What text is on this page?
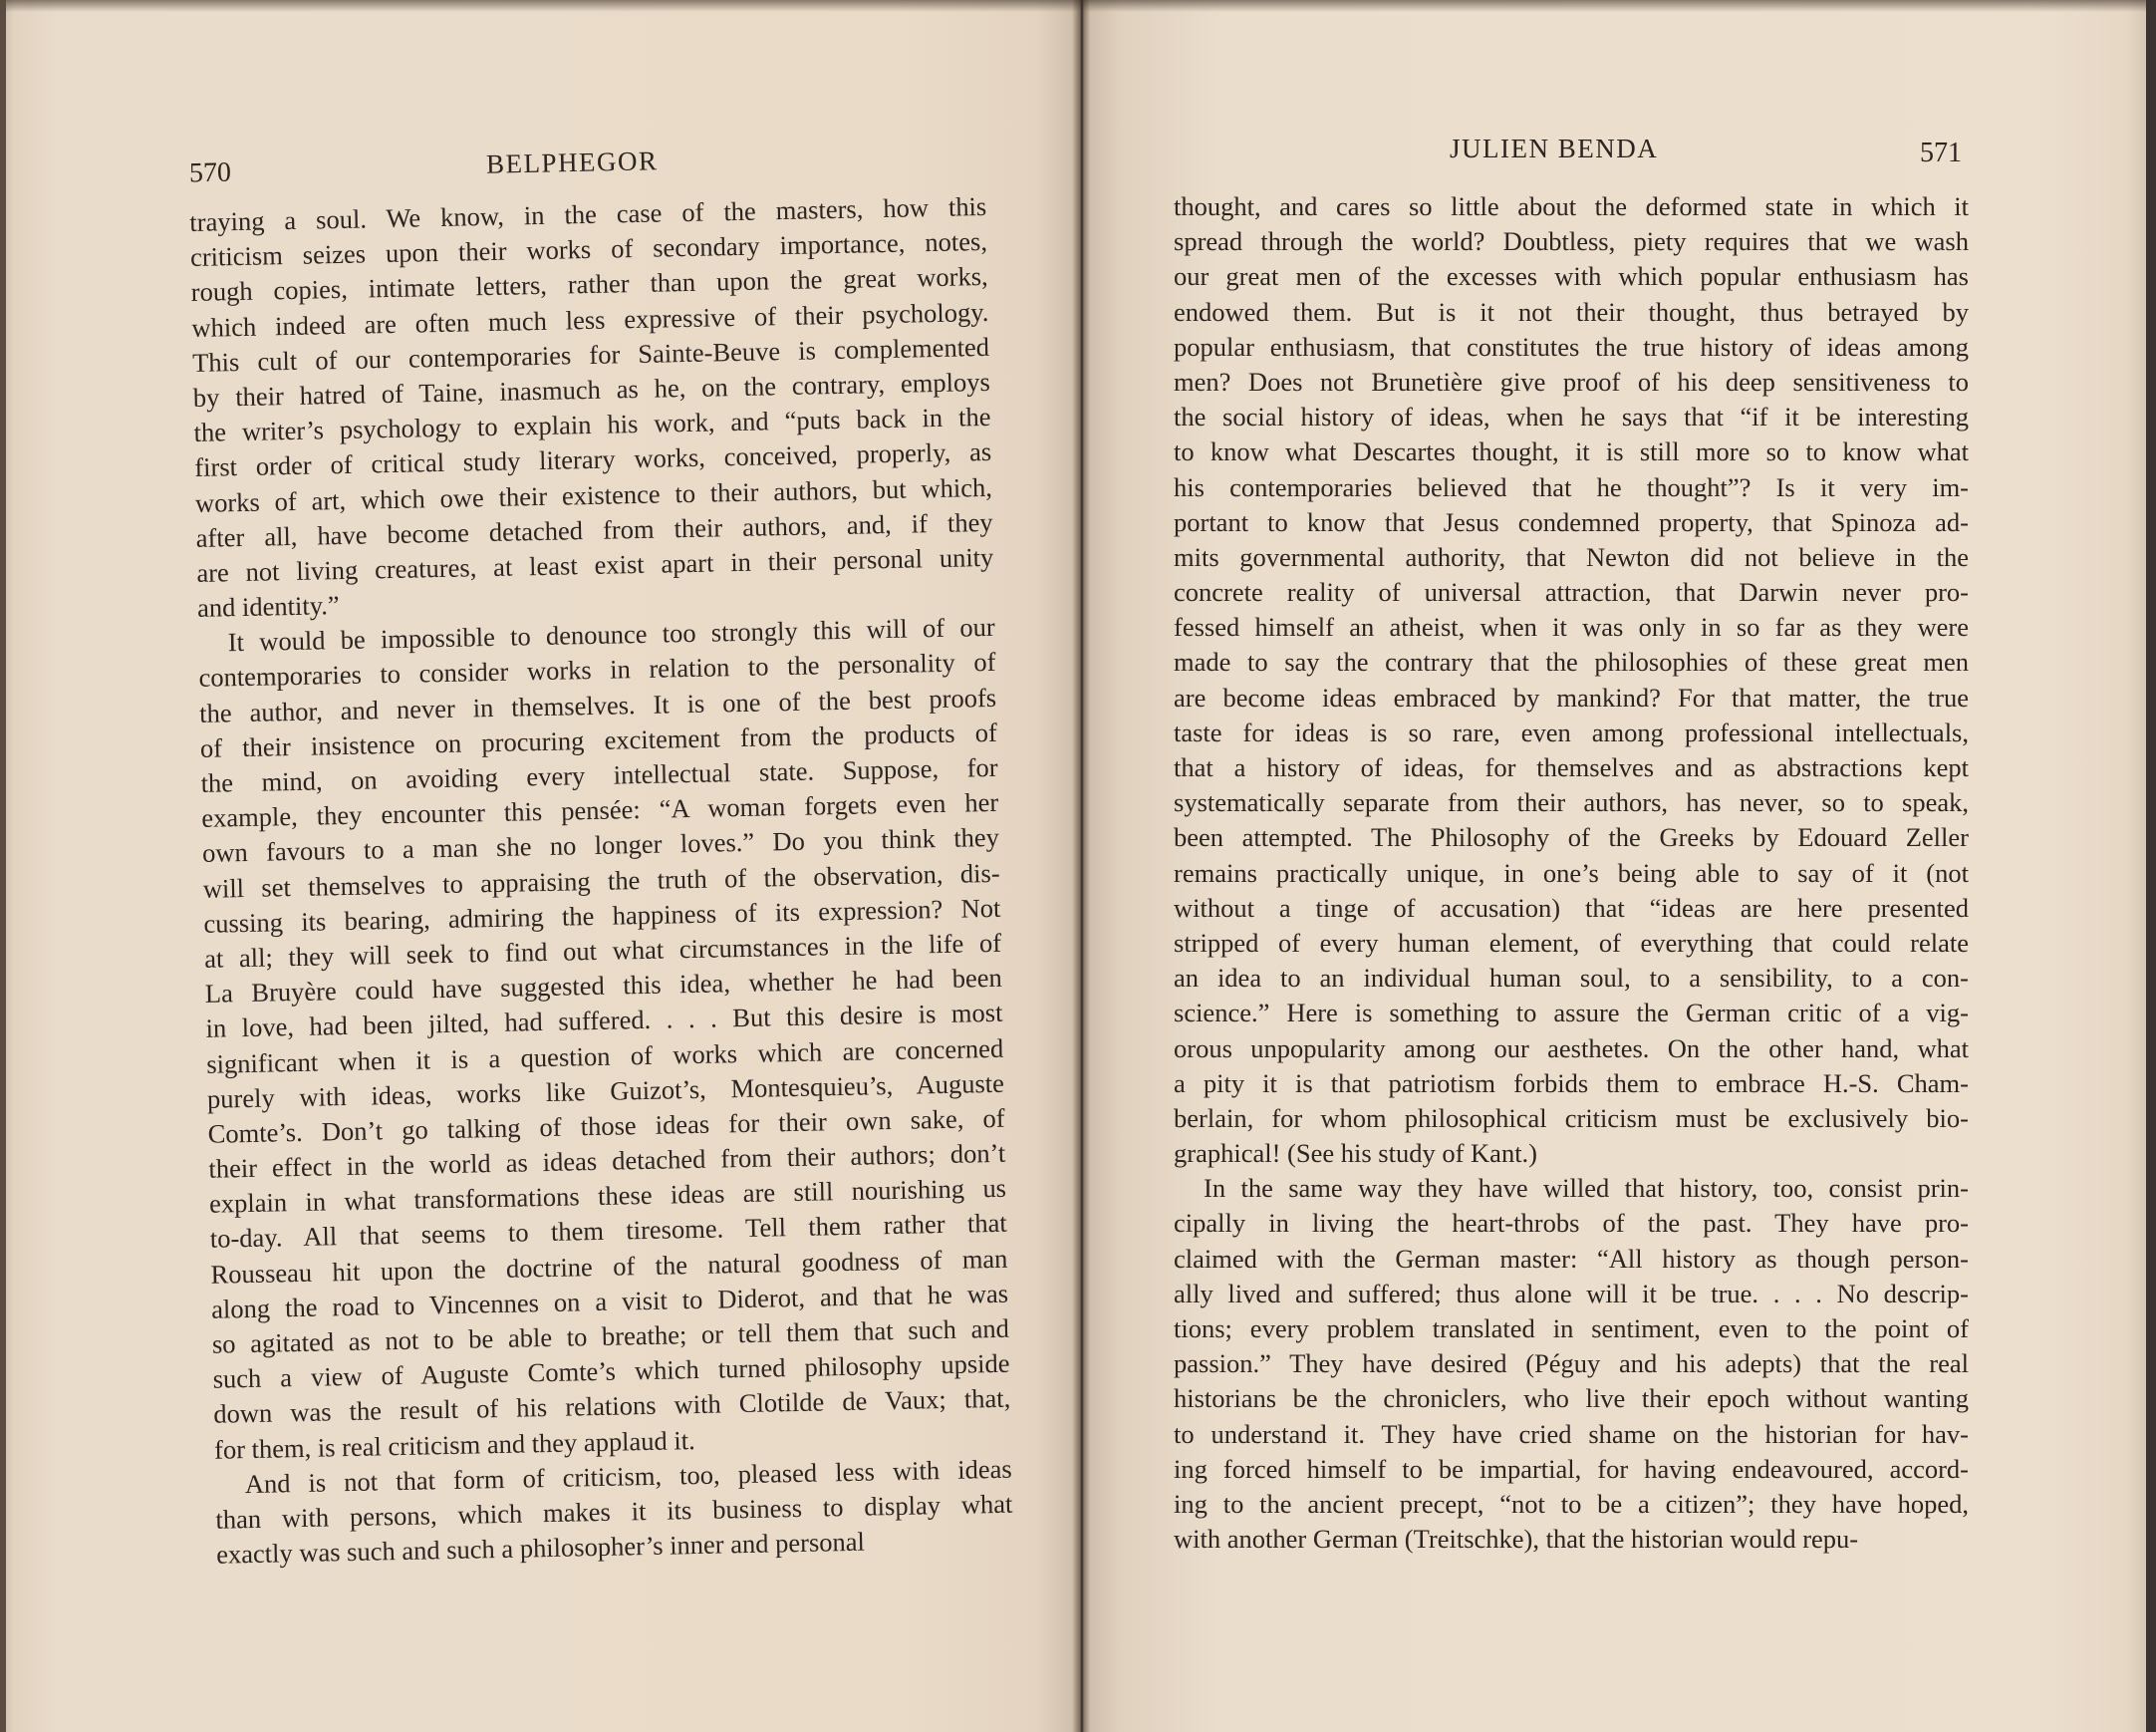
570	BELPHEGOR
traying a soul. We know, in the case of the masters, how this
criticism seizes upon their works of secondary importance, notes,
rough copies, intimate letters, rather than upon the great works,
which indeed are often much less expressive of their psychology.
This cult of our contemporaries for Sainte-Beuve is complemented
by their hatred of Taine, inasmuch as he, on the contrary, employs
the writer’s psychology to explain his work, and “puts back in the
first order of critical study literary works, conceived, properly, as
works of art, which owe their existence to their authors, but which,
after all, have become detached from their authors, and, if they
are not living creatures, at least exist apart in their personal unity
and identity.”
It would be impossible to denounce too strongly this will of our
contemporaries to consider works in relation to the personality of
the author, and never in themselves. It is one of the best proofs
of their insistence on procuring excitement from the products of
the mind, on avoiding every intellectual state. Suppose, for
example, they encounter this pensée: “A woman forgets even her
own favours to a man she no longer loves.” Do you think they
will set themselves to appraising the truth of the observation, dis-
cussing its bearing, admiring the happiness of its expression? Not
at all; they will seek to find out what circumstances in the life of
La Bruyère could have suggested this idea, whether he had been
in love, had been jilted, had suffered. . . . But this desire is most
significant when it is a question of works which are concerned
purely with ideas, works like Guizot’s, Montesquieu’s, Auguste
Comte’s. Don’t go talking of those ideas for their own sake, of
their effect in the world as ideas detached from their authors; don’t
explain in what transformations these ideas are still nourishing us
to-day. All that seems to them tiresome. Tell them rather that
Rousseau hit upon the doctrine of the natural goodness of man
along the road to Vincennes on a visit to Diderot, and that he was
so agitated as not to be able to breathe; or tell them that such and
such a view of Auguste Comte’s which turned philosophy upside
down was the result of his relations with Clotilde de Vaux; that,
for them, is real criticism and they applaud it.
And is not that form of criticism, too, pleased less with ideas
than with persons, which makes it its business to display what
exactly was such and such a philosopher’s inner and personal
JULIEN BENDA	571
thought, and cares so little about the deformed state in which it
spread through the world? Doubtless, piety requires that we wash
our great men of the excesses with which popular enthusiasm has
endowed them. But is it not their thought, thus betrayed by
popular enthusiasm, that constitutes the true history of ideas among
men? Does not Brunetière give proof of his deep sensitiveness to
the social history of ideas, when he says that “if it be interesting
to know what Descartes thought, it is still more so to know what
his contemporaries believed that he thought”? Is it very im-
portant to know that Jesus condemned property, that Spinoza ad-
mits governmental authority, that Newton did not believe in the
concrete reality of universal attraction, that Darwin never pro-
fessed himself an atheist, when it was only in so far as they were
made to say the contrary that the philosophies of these great men
are become ideas embraced by mankind? For that matter, the true
taste for ideas is so rare, even among professional intellectuals,
that a history of ideas, for themselves and as abstractions kept
systematically separate from their authors, has never, so to speak,
been attempted. The Philosophy of the Greeks by Edouard Zeller
remains practically unique, in one’s being able to say of it (not
without a tinge of accusation) that “ideas are here presented
stripped of every human element, of everything that could relate
an idea to an individual human soul, to a sensibility, to a con-
science.” Here is something to assure the German critic of a vig-
orous unpopularity among our aesthetes. On the other hand, what
a pity it is that patriotism forbids them to embrace H.-S. Cham-
berlain, for whom philosophical criticism must be exclusively bio-
graphical! (See his study of Kant.)
In the same way they have willed that history, too, consist prin-
cipally in living the heart-throbs of the past. They have pro-
claimed with the German master: “All history as though person-
ally lived and suffered; thus alone will it be true. . . . No descrip-
tions; every problem translated in sentiment, even to the point of
passion.” They have desired (Péguy and his adepts) that the real
historians be the chroniclers, who live their epoch without wanting
to understand it. They have cried shame on the historian for hav-
ing forced himself to be impartial, for having endeavoured, accord-
ing to the ancient precept, “not to be a citizen”; they have hoped,
with another German (Treitschke), that the historian would repu-
